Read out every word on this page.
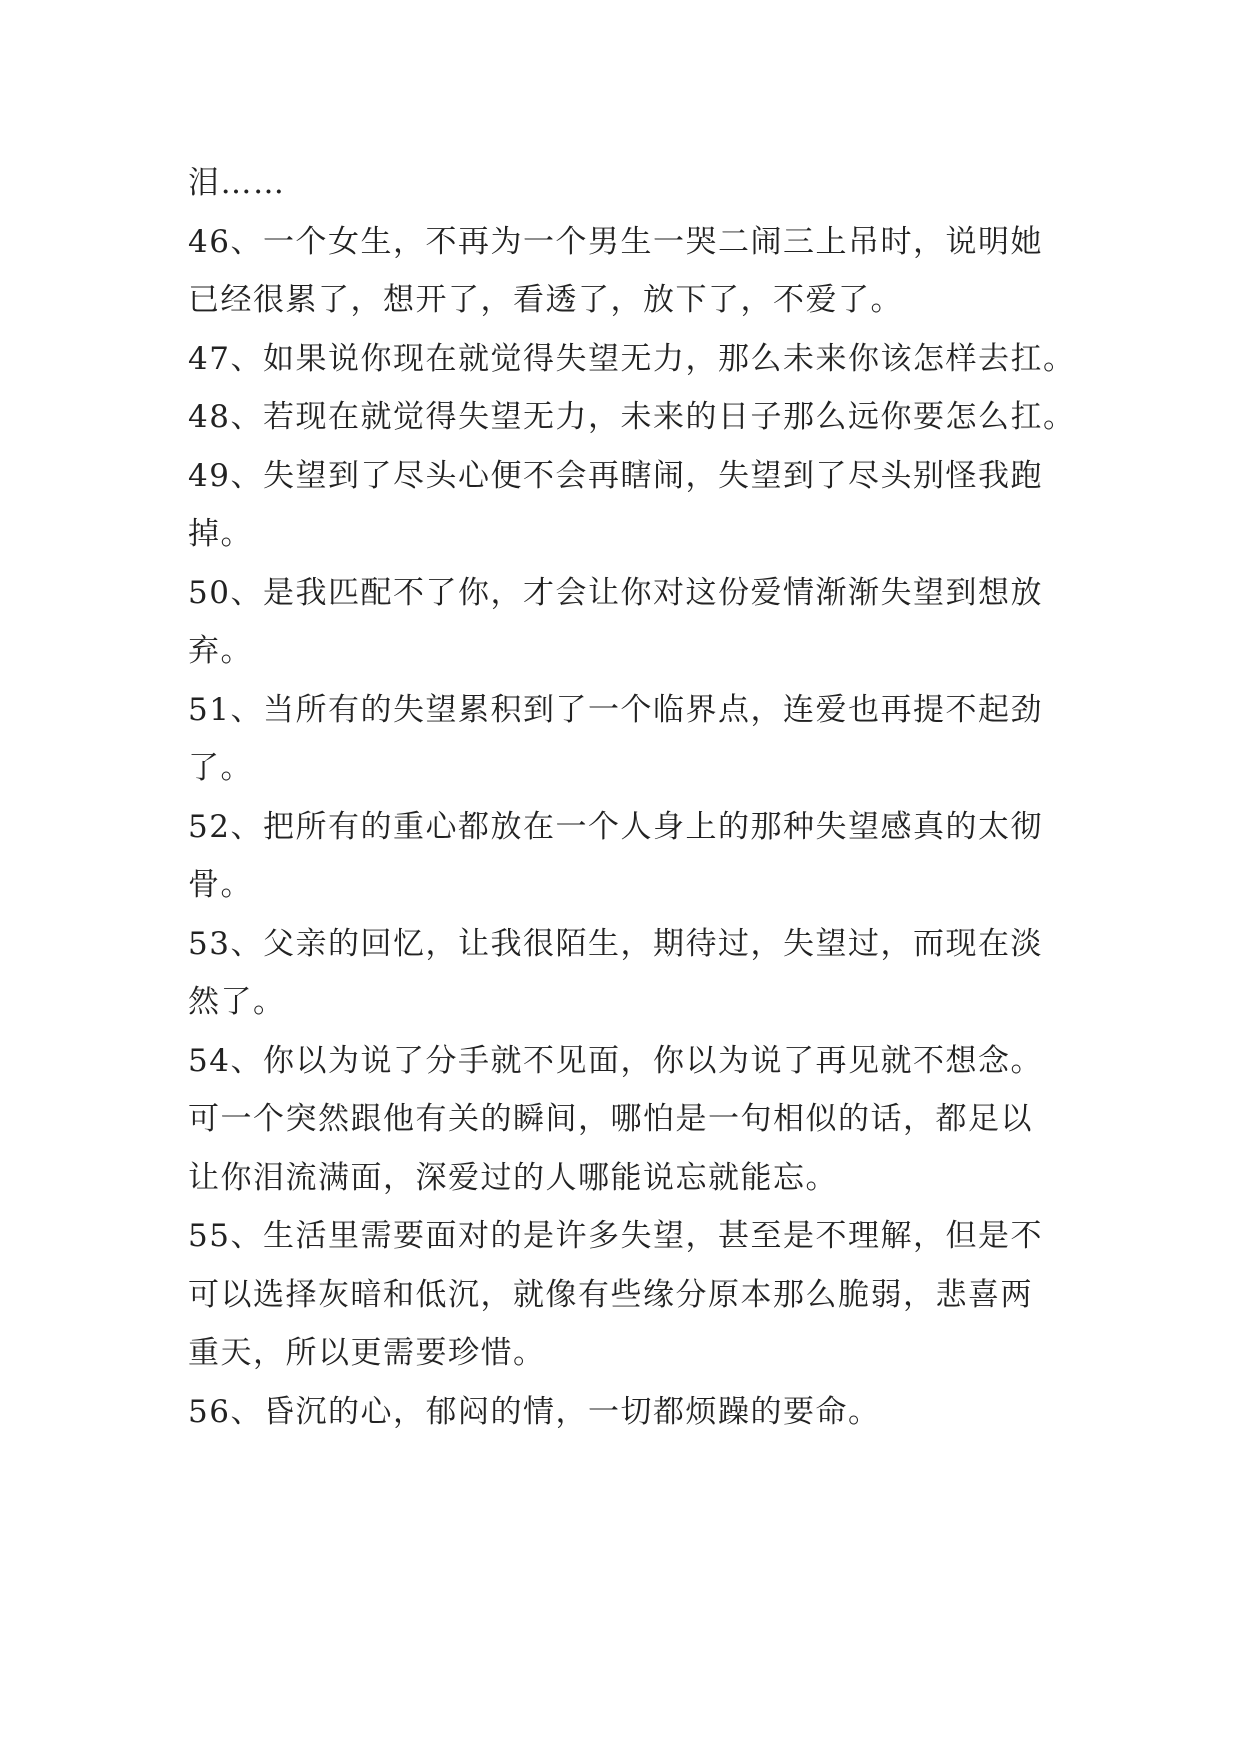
泪……
46、一个女生，不再为一个男生一哭二闹三上吊时，说明她
已经很累了，想开了，看透了，放下了，不爱了。
47、如果说你现在就觉得失望无力，那么未来你该怎样去扛。
48、若现在就觉得失望无力，未来的日子那么远你要怎么扛。
49、失望到了尽头心便不会再瞎闹，失望到了尽头别怪我跑
掉。
50、是我匹配不了你，才会让你对这份爱情渐渐失望到想放
弃。
51、当所有的失望累积到了一个临界点，连爱也再提不起劲
了。
52、把所有的重心都放在一个人身上的那种失望感真的太彻
骨。
53、父亲的回忆，让我很陌生，期待过，失望过，而现在淡
然了。
54、你以为说了分手就不见面，你以为说了再见就不想念。
可一个突然跟他有关的瞬间，哪怕是一句相似的话，都足以
让你泪流满面，深爱过的人哪能说忘就能忘。
55、生活里需要面对的是许多失望，甚至是不理解，但是不
可以选择灰暗和低沉，就像有些缘分原本那么脆弱，悲喜两
重天，所以更需要珍惜。
56、昏沉的心，郁闷的情，一切都烦躁的要命。
